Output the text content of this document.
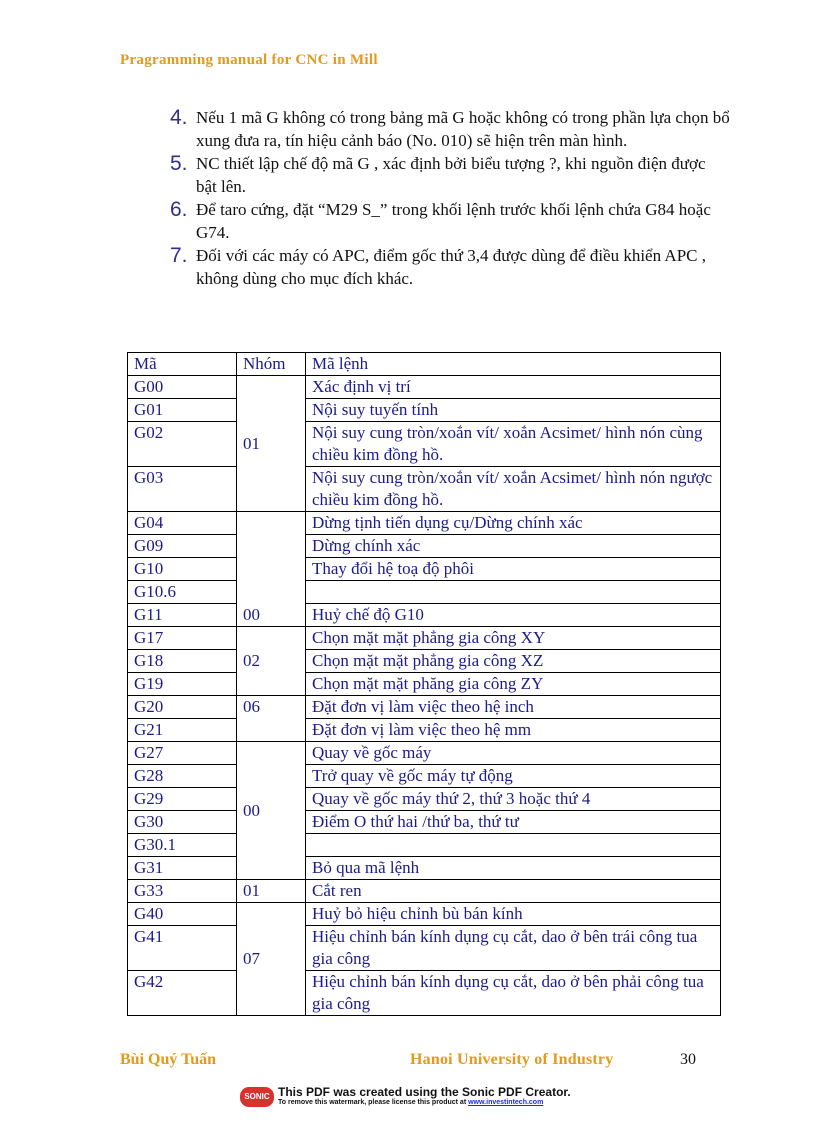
Pragramming manual for CNC in Mill
4. Nếu 1 mã G không có trong bảng mã G hoặc không có trong phần lựa chọn bổ xung đưa ra, tín hiệu cảnh báo (No. 010) sẽ hiện trên màn hình.
5. NC thiết lập chế độ mã G , xác định bởi biểu tượng ?, khi nguồn điện được bật lên.
6. Để taro cứng, đặt “M29 S_” trong khối lệnh trước khối lệnh chứa G84 hoặc G74.
7. Đối với các máy có APC, điểm gốc thứ 3,4 được dùng để điều khiển APC , không dùng cho mục đích khác.
Mã	Nhóm	Mã lệnh
G00	01	Xác định vị trí
G01		Nội suy tuyến tính
G02		Nội suy cung tròn/xoắn vít/ xoắn Acsimet/ hình nón cùng chiều kim đồng hồ.
G03		Nội suy cung tròn/xoắn vít/ xoắn Acsimet/ hình nón ngược chiều kim đồng hồ.
G04	00	Dừng tịnh tiến dụng cụ/Dừng chính xác
G09		Dừng chính xác
G10		Thay đổi hệ toạ độ phôi
G10.6		
G11		Huỷ chế độ G10
G17	02	Chọn mặt mặt phẳng gia công XY
G18		Chọn mặt mặt phẳng gia công XZ
G19		Chọn mặt mặt phăng gia công ZY
G20	06	Đặt đơn vị làm việc theo hệ inch
G21		Đặt đơn vị làm việc theo hệ mm
G27	00	Quay về gốc máy
G28		Trở quay về gốc máy tự động
G29		Quay về gốc máy thứ 2, thứ 3 hoặc thứ 4
G30		Điểm O thứ hai /thứ ba, thứ tư
G30.1		
G31		Bỏ qua mã lệnh
G33	01	Cắt ren
G40	07	Huỷ bỏ hiệu chỉnh bù bán kính
G41		Hiệu chỉnh bán kính dụng cụ cắt, dao ở bên trái công tua gia công
G42		Hiệu chỉnh bán kính dụng cụ cắt, dao ở bên phải công tua gia công
Bùi Quý Tuấn	Hanoi University of Industry	30
SONIC PDF
This PDF was created using the Sonic PDF Creator.
To remove this watermark, please license this product at www.investintech.com
